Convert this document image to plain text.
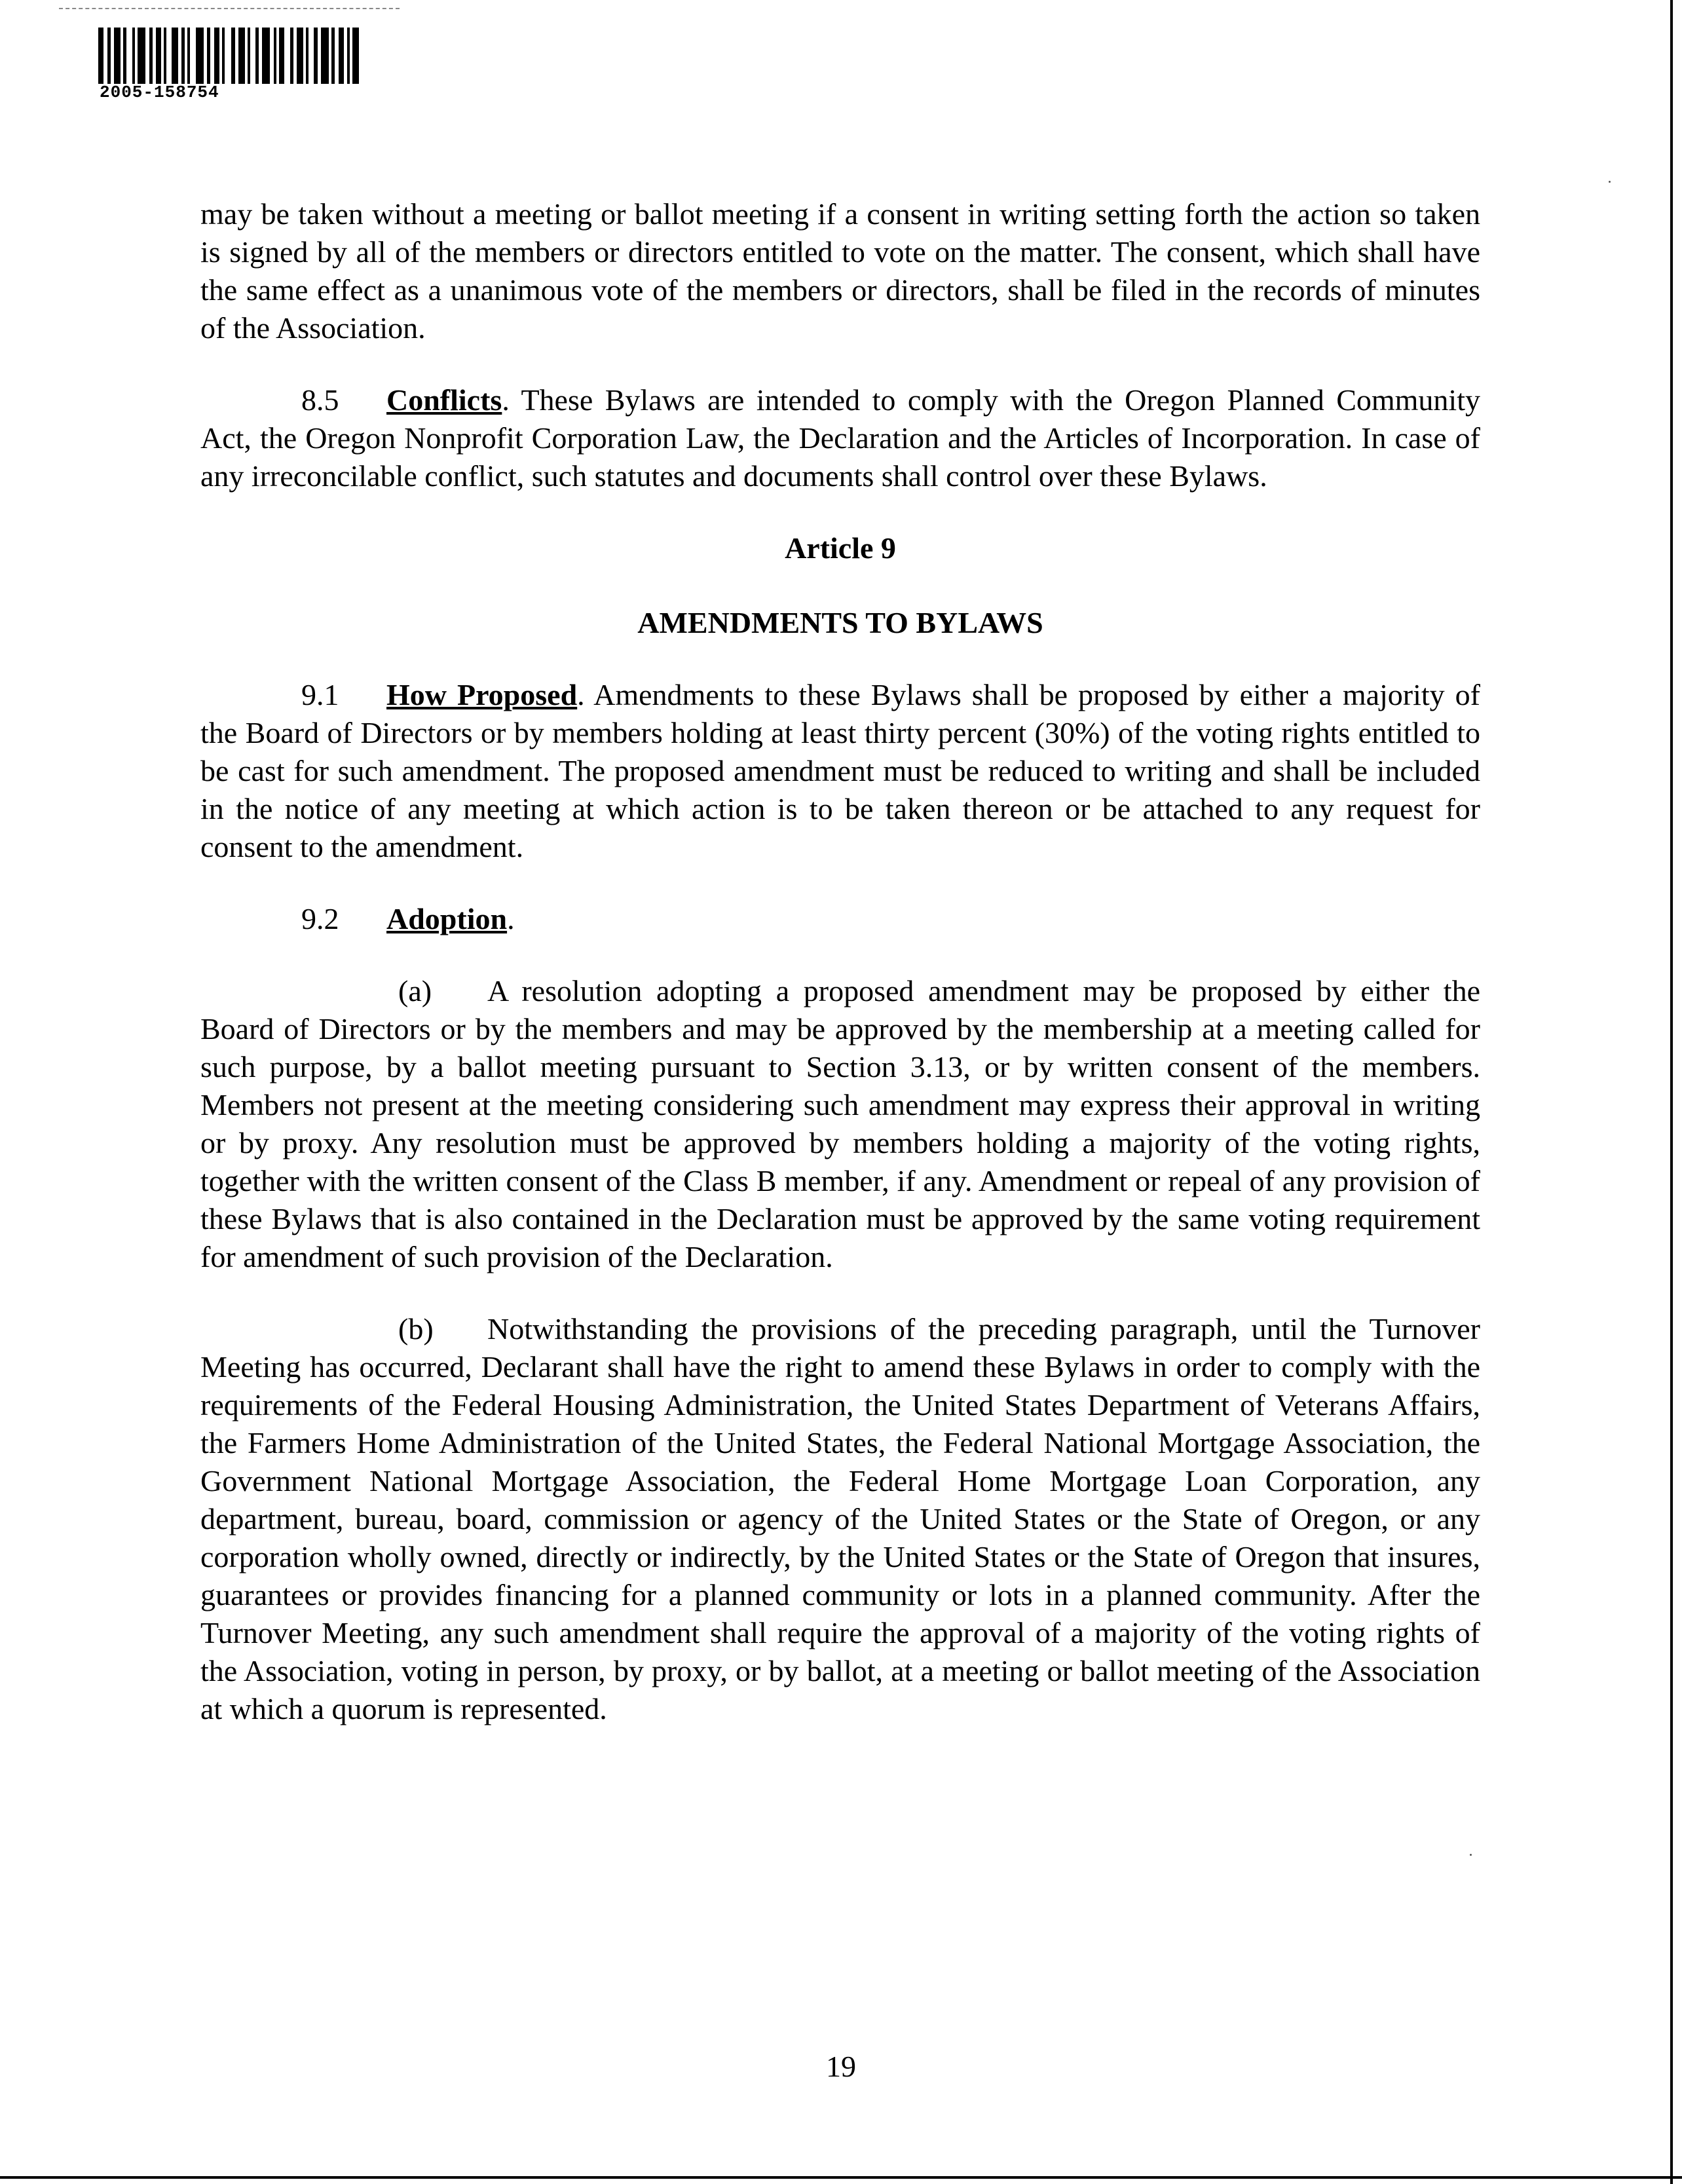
2005-158754

may be taken without a meeting or ballot meeting if a consent in writing setting forth the action so taken is signed by all of the members or directors entitled to vote on the matter. The consent, which shall have the same effect as a unanimous vote of the members or directors, shall be filed in the records of minutes of the Association.

8.5 Conflicts. These Bylaws are intended to comply with the Oregon Planned Community Act, the Oregon Nonprofit Corporation Law, the Declaration and the Articles of Incorporation. In case of any irreconcilable conflict, such statutes and documents shall control over these Bylaws.

Article 9
AMENDMENTS TO BYLAWS

9.1 How Proposed. Amendments to these Bylaws shall be proposed by either a majority of the Board of Directors or by members holding at least thirty percent (30%) of the voting rights entitled to be cast for such amendment. The proposed amendment must be reduced to writing and shall be included in the notice of any meeting at which action is to be taken thereon or be attached to any request for consent to the amendment.

9.2 Adoption.

(a) A resolution adopting a proposed amendment may be proposed by either the Board of Directors or by the members and may be approved by the membership at a meeting called for such purpose, by a ballot meeting pursuant to Section 3.13, or by written consent of the members. Members not present at the meeting considering such amendment may express their approval in writing or by proxy. Any resolution must be approved by members holding a majority of the voting rights, together with the written consent of the Class B member, if any. Amendment or repeal of any provision of these Bylaws that is also contained in the Declaration must be approved by the same voting requirement for amendment of such provision of the Declaration.

(b) Notwithstanding the provisions of the preceding paragraph, until the Turnover Meeting has occurred, Declarant shall have the right to amend these Bylaws in order to comply with the requirements of the Federal Housing Administration, the United States Department of Veterans Affairs, the Farmers Home Administration of the United States, the Federal National Mortgage Association, the Government National Mortgage Association, the Federal Home Mortgage Loan Corporation, any department, bureau, board, commission or agency of the United States or the State of Oregon, or any corporation wholly owned, directly or indirectly, by the United States or the State of Oregon that insures, guarantees or provides financing for a planned community or lots in a planned community. After the Turnover Meeting, any such amendment shall require the approval of a majority of the voting rights of the Association, voting in person, by proxy, or by ballot, at a meeting or ballot meeting of the Association at which a quorum is represented.

19
